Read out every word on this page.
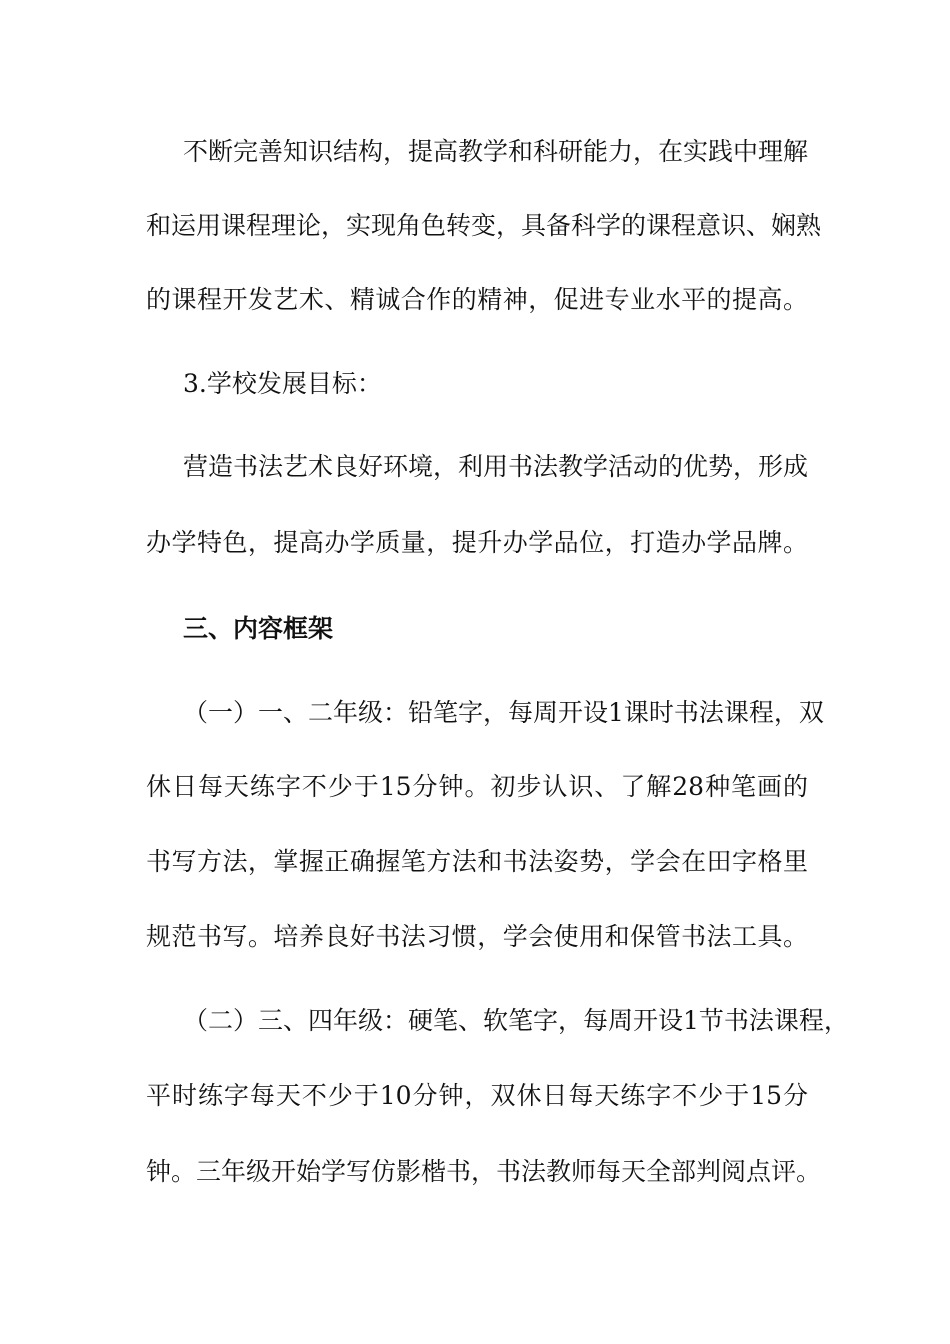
不断完善知识结构，提高教学和科研能力，在实践中理解
和运用课程理论，实现角色转变，具备科学的课程意识、娴熟
的课程开发艺术、精诚合作的精神，促进专业水平的提高。
3.学校发展目标：
营造书法艺术良好环境，利用书法教学活动的优势，形成
办学特色，提高办学质量，提升办学品位，打造办学品牌。
三、内容框架
（一）一、二年级：铅笔字，每周开设1课时书法课程，双
休日每天练字不少于15分钟。初步认识、了解28种笔画的
书写方法，掌握正确握笔方法和书法姿势，学会在田字格里
规范书写。培养良好书法习惯，学会使用和保管书法工具。
（二）三、四年级：硬笔、软笔字，每周开设1节书法课程，
平时练字每天不少于10分钟，双休日每天练字不少于15分
钟。三年级开始学写仿影楷书，书法教师每天全部判阅点评。
